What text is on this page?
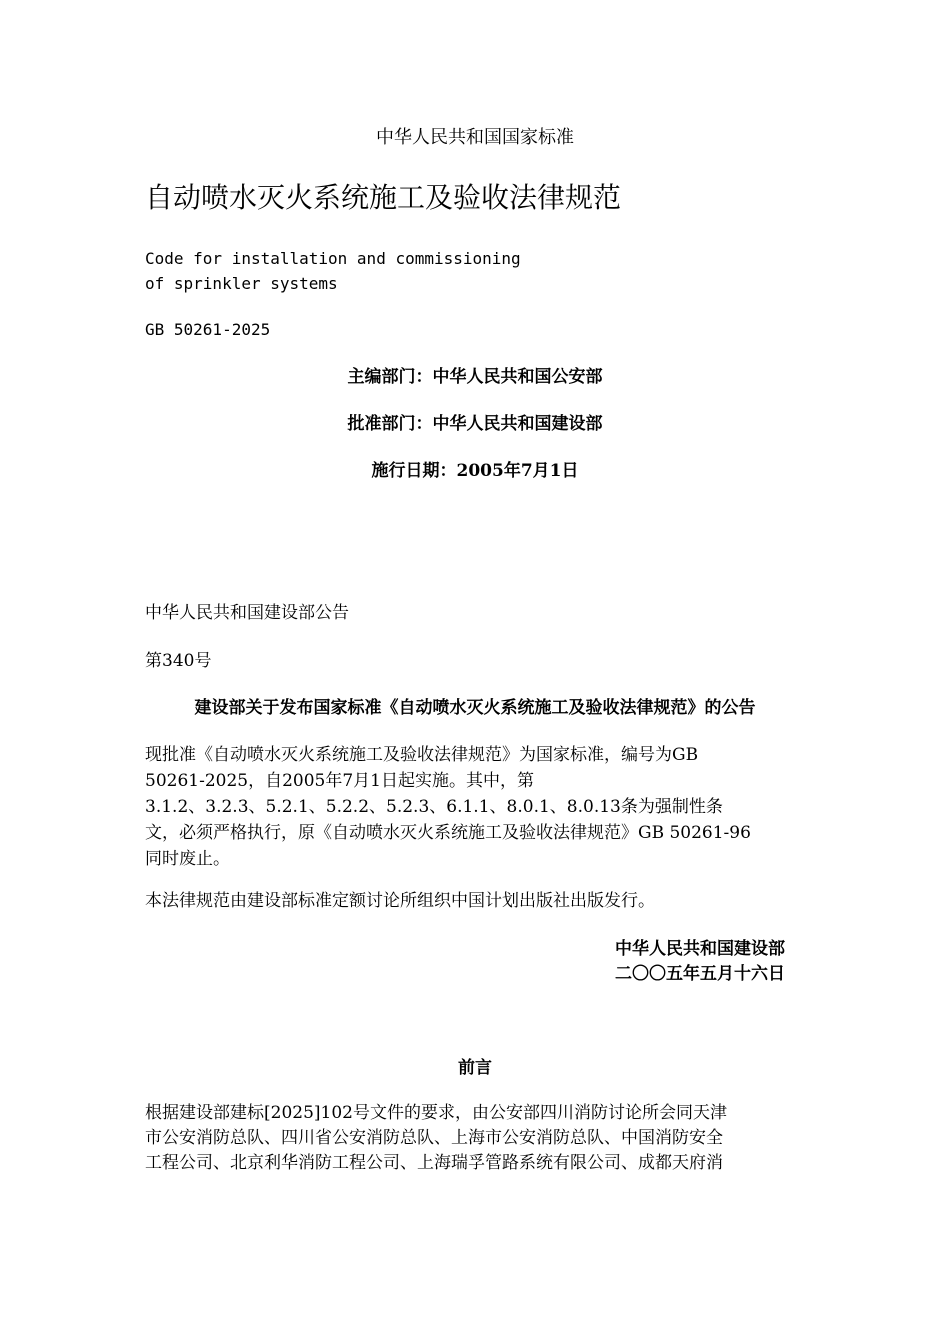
中华人民共和国国家标准

自动喷水灭火系统施工及验收法律规范

Code for installation and commissioning
of sprinkler systems

GB 50261-2025

主编部门：中华人民共和国公安部

批准部门：中华人民共和国建设部

施行日期：2005年7月1日

中华人民共和国建设部公告

第340号

建设部关于发布国家标准《自动喷水灭火系统施工及验收法律规范》的公告

现批准《自动喷水灭火系统施工及验收法律规范》为国家标准，编号为GB
50261-2025，自2005年7月1日起实施。其中，第
3.1.2、3.2.3、5.2.1、5.2.2、5.2.3、6.1.1、8.0.1、8.0.13条为强制性条
文，必须严格执行，原《自动喷水灭火系统施工及验收法律规范》GB 50261-96
同时废止。

本法律规范由建设部标准定额讨论所组织中国计划出版社出版发行。

中华人民共和国建设部

二〇〇五年五月十六日

前言

根据建设部建标[2025]102号文件的要求，由公安部四川消防讨论所会同天津
市公安消防总队、四川省公安消防总队、上海市公安消防总队、中国消防安全
工程公司、北京利华消防工程公司、上海瑞孚管路系统有限公司、成都天府消
